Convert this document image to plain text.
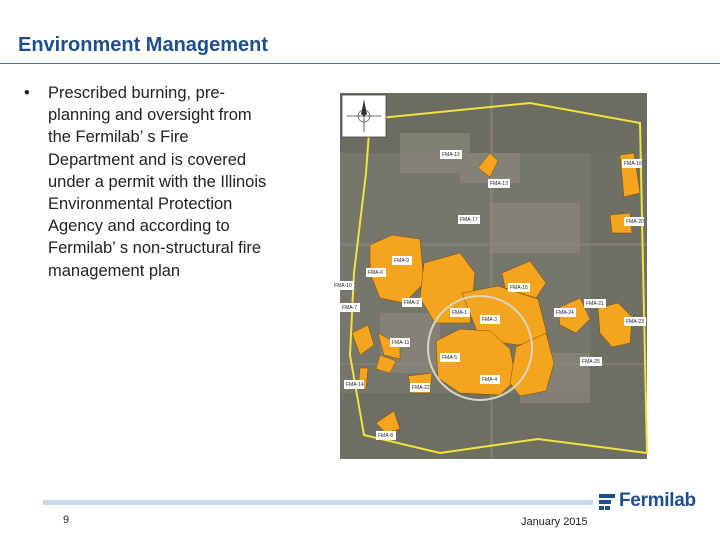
Environment Management
• Prescribed burning, pre-planning and oversight from the Fermilab’ s Fire Department and is covered under a permit with the Illinois Environmental Protection Agency and according to Fermilab’ s non-structural fire management plan
FMA-12
FMA-13
FMA-16
FMA-17	FMA-20
FMA-9
FMA-6
FMA-10
FMA-7
FMA-2
FMA-15
FMA-1
FMA-3
FMA-24
FMA-21
FMA-23
FMA-11
FMA-5
FMA-14	FMA-22
FMA-4
FMA-25
FMA-8
9	January 2015
Fermilab
